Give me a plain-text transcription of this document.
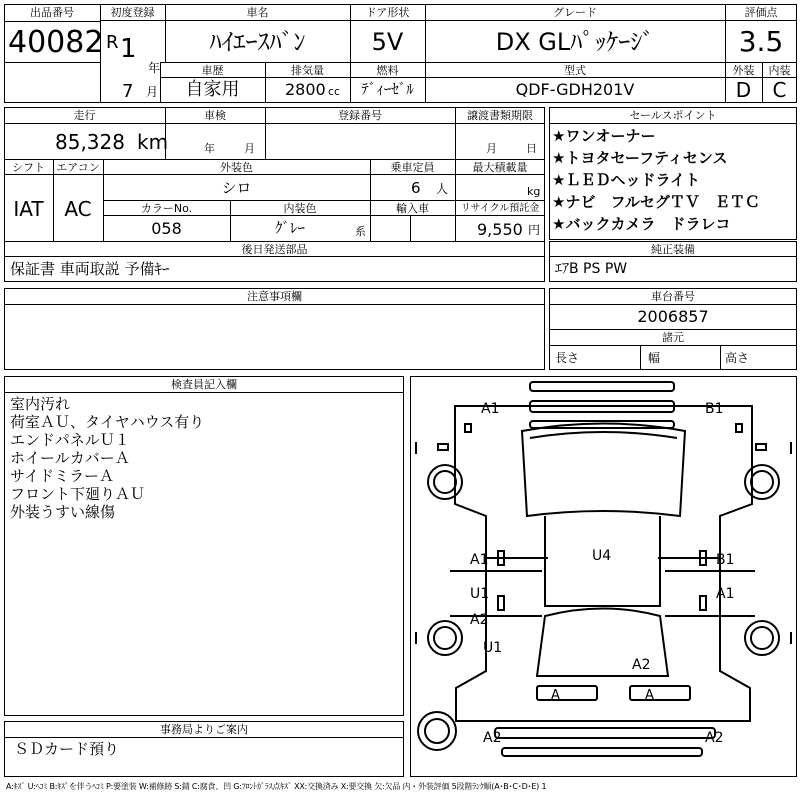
出品番号
40082
初度登録
R 1
年
7 月
車名
ﾊｲｴｰｽﾊﾞﾝ
ドア形状
5V
グレード
DX GLﾊﾟｯｹｰｼﾞ
評価点
3.5
外装	内装
D	C
車歴
自家用
排気量
2800 cc
燃料
ﾃﾞｨｰｾﾞﾙ
型式
QDF-GDH201V
走行
85,328 km
車検
年	月
登録番号	譲渡書類期限
月	日
シフト
IAT
エアコン
AC
外装色
シロ
乗車定員
6 人
最大積載量
kg
カラーNo.
058
内装色
ｸﾞﾚｰ	系
輸入車	リサイクル預託金
9,550 円
後日発送部品
保証書 車両取説 予備ｷｰ
セールスポイント
★ワンオーナー
★トヨタセーフティセンス
★ＬＥＤヘッドライト
★ナビ　フルセグＴＶ　ＥＴＣ
★バックカメラ　ドラレコ
純正装備
ｴｱB PS PW
注意事項欄	車台番号
2006857
諸元
長さ	幅	高さ
検査員記入欄
室内汚れ
荷室ＡＵ、タイヤハウス有り
エンドパネルＵ１
ホイールカバーＡ
サイドミラーＡ
フロント下廻りＡＵ
外装うすい線傷
事務局よりご案内
ＳＤカード預り
A1	B1
U4
A1	B1
U1	A1
A2
U1
A2
A	A
A2	A2
A:ｷｽﾞ U:ﾍｺﾐ B:ｷｽﾞを伴うﾍｺﾐ P:要塗装 W:補修跡 S:錆 C:腐食、凹 G:ﾌﾛﾝﾄｶﾞﾗｽ点ｷｽﾞ XX:交換済み X:要交換 欠:欠品 内・外装評価 5段階ﾗﾝｸ順(A･B･C･D･E) 1
